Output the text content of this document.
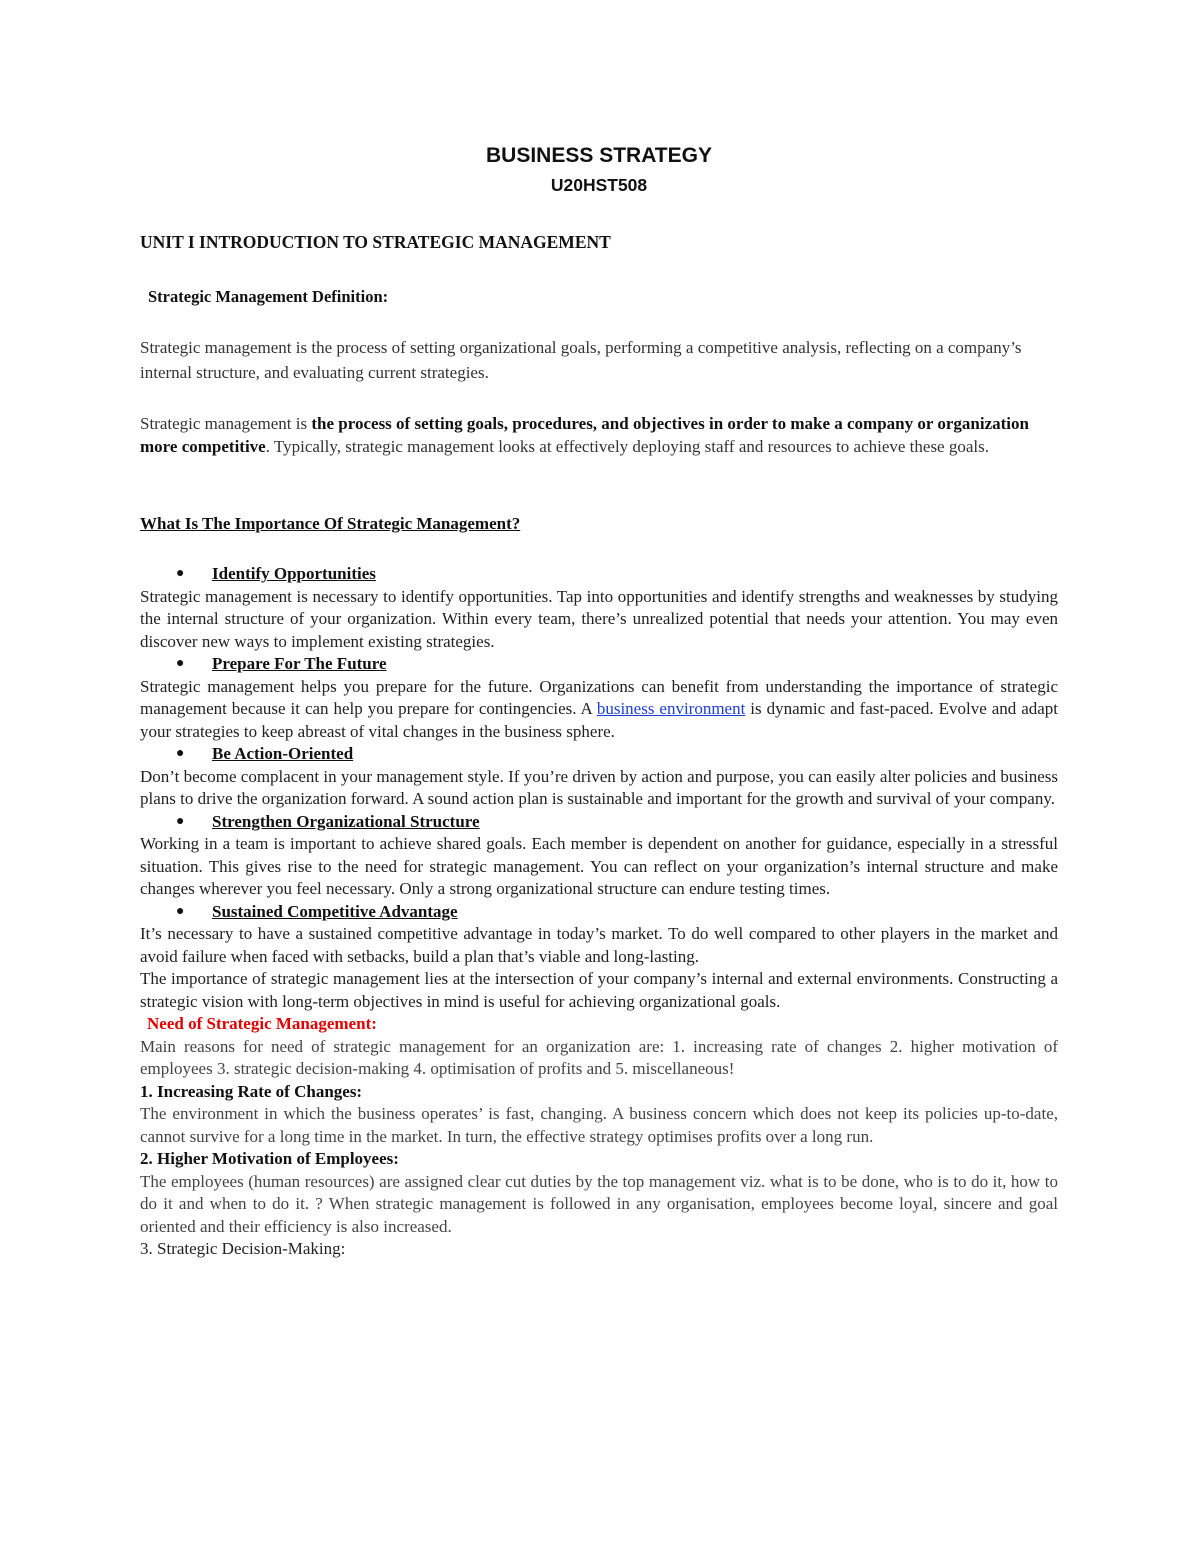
BUSINESS STRATEGY
U20HST508
UNIT I INTRODUCTION TO STRATEGIC MANAGEMENT
Strategic Management Definition:
Strategic management is the process of setting organizational goals, performing a competitive analysis, reflecting on a company’s internal structure, and evaluating current strategies.
Strategic management is the process of setting goals, procedures, and objectives in order to make a company or organization more competitive. Typically, strategic management looks at effectively deploying staff and resources to achieve these goals.
What Is The Importance Of Strategic Management?
● Identify Opportunities
Strategic management is necessary to identify opportunities. Tap into opportunities and identify strengths and weaknesses by studying the internal structure of your organization. Within every team, there’s unrealized potential that needs your attention. You may even discover new ways to implement existing strategies.
● Prepare For The Future
Strategic management helps you prepare for the future. Organizations can benefit from understanding the importance of strategic management because it can help you prepare for contingencies. A business environment is dynamic and fast-paced. Evolve and adapt your strategies to keep abreast of vital changes in the business sphere.
● Be Action-Oriented
Don’t become complacent in your management style. If you’re driven by action and purpose, you can easily alter policies and business plans to drive the organization forward. A sound action plan is sustainable and important for the growth and survival of your company.
● Strengthen Organizational Structure
Working in a team is important to achieve shared goals. Each member is dependent on another for guidance, especially in a stressful situation. This gives rise to the need for strategic management. You can reflect on your organization’s internal structure and make changes wherever you feel necessary. Only a strong organizational structure can endure testing times.
● Sustained Competitive Advantage
It’s necessary to have a sustained competitive advantage in today’s market. To do well compared to other players in the market and avoid failure when faced with setbacks, build a plan that’s viable and long-lasting.
The importance of strategic management lies at the intersection of your company’s internal and external environments. Constructing a strategic vision with long-term objectives in mind is useful for achieving organizational goals.
Need of Strategic Management:
Main reasons for need of strategic management for an organization are: 1. increasing rate of changes 2. higher motivation of employees 3. strategic decision-making 4. optimisation of profits and 5. miscellaneous!
1. Increasing Rate of Changes:
The environment in which the business operates’ is fast, changing. A business concern which does not keep its policies up-to-date, cannot survive for a long time in the market. In turn, the effective strategy optimises profits over a long run.
2. Higher Motivation of Employees:
The employees (human resources) are assigned clear cut duties by the top management viz. what is to be done, who is to do it, how to do it and when to do it. ? When strategic management is followed in any organisation, employees become loyal, sincere and goal oriented and their efficiency is also increased.
3. Strategic Decision-Making:
